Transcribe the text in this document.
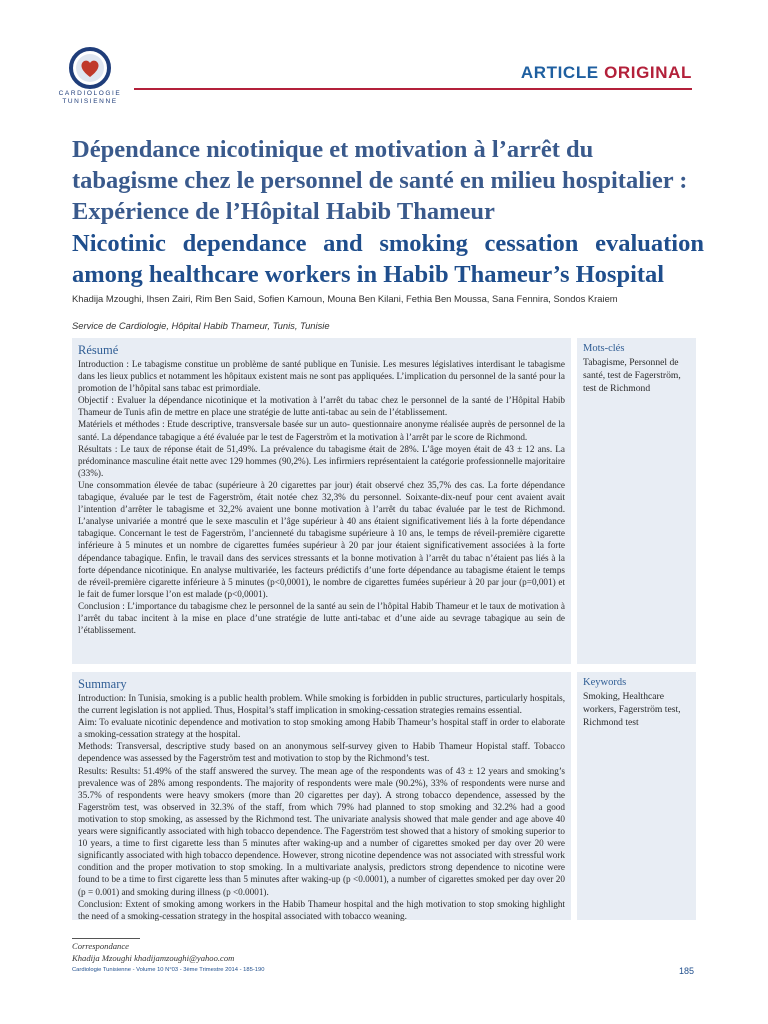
CARDIOLOGIE
TUNISIENNE
ARTICLE ORIGINAL
Dépendance nicotinique et motivation à l’arrêt du tabagisme chez le personnel de santé en milieu hospitalier : Expérience de l’Hôpital Habib Thameur
Nicotinic dependance and smoking cessation evaluation among healthcare workers in Habib Thameur’s Hospital
Khadija Mzoughi, Ihsen Zairi, Rim Ben Said, Sofien Kamoun, Mouna Ben Kilani, Fethia Ben Moussa, Sana Fennira, Sondos Kraiem
Service de Cardiologie, Hôpital Habib Thameur, Tunis, Tunisie
Résumé

Introduction : Le tabagisme constitue un problème de santé publique en Tunisie. Les mesures législatives interdisant le tabagisme dans les lieux publics et notamment les hôpitaux existent mais ne sont pas appliquées. L’implication du personnel de la santé pour la promotion de l’hôpital sans tabac est primordiale.

Objectif : Evaluer la dépendance nicotinique et la motivation à l’arrêt du tabac chez le personnel de la santé de l’Hôpital Habib Thameur de Tunis afin de mettre en place une stratégie de lutte anti-tabac au sein de l’établissement.

Matériels et méthodes : Etude descriptive, transversale basée sur un auto- questionnaire anonyme réalisée auprès de personnel de la santé. La dépendance tabagique a été évaluée par le test de Fagerström et la motivation à l’arrêt par le score de Richmond.

Résultats : Le taux de réponse était de 51,49%. La prévalence du tabagisme était de 28%. L’âge moyen était de 43 ± 12 ans. La prédominance masculine était nette avec 129 hommes (90,2%). Les infirmiers représentaient la catégorie professionnelle majoritaire (33%).

Une consommation élevée de tabac (supérieure à 20 cigarettes par jour) était observé chez 35,7% des cas. La forte dépendance tabagique, évaluée par le test de Fagerström, était notée chez 32,3% du personnel. Soixante-dix-neuf pour cent avaient avait l’intention d’arrêter le tabagisme et 32,2% avaient une bonne motivation à l’arrêt du tabac évaluée par le test de Richmond. L’analyse univariée a montré que le sexe masculin et l’âge supérieur à 40 ans étaient significativement liés à la forte dépendance tabagique. Concernant le test de Fagerström, l’ancienneté du tabagisme supérieure à 10 ans, le temps de réveil-première cigarette inférieure à 5 minutes et un nombre de cigarettes fumées supérieur à 20 par jour étaient significativement associées à la forte dépendance tabagique. Enfin, le travail dans des services stressants et la bonne motivation à l’arrêt du tabac n’étaient pas liés à la forte dépendance nicotinique. En analyse multivariée, les facteurs prédictifs d’une forte dépendance au tabagisme étaient le temps de réveil-première cigarette inférieure à 5 minutes (p<0,0001), le nombre de cigarettes fumées supérieur à 20 par jour (p=0,001) et le fait de fumer lorsque l’on est malade (p<0,0001).

Conclusion : L’importance du tabagisme chez le personnel de la santé au sein de l’hôpital Habib Thameur et le taux de motivation à l’arrêt du tabac incitent à la mise en place d’une stratégie de lutte anti-tabac et d’une aide au sevrage tabagique au sein de l’établissement.

Mots-clés
Tabagisme, Personnel de santé, test de Fagerström, test de Richmond
Summary

Introduction: In Tunisia, smoking is a public health problem. While smoking is forbidden in public structures, particularly hospitals, the current legislation is not applied. Thus, Hospital’s staff implication in smoking-cessation strategies remains essential.

Aim: To evaluate nicotinic dependence and motivation to stop smoking among Habib Thameur’s hospital staff in order to elaborate a smoking-cessation strategy at the hospital.

Methods: Transversal, descriptive study based on an anonymous self-survey given to Habib Thameur Hopistal staff. Tobacco dependence was assessed by the Fagerström test and motivation to stop by the Richmond’s test.

Results: Results: 51.49% of the staff answered the survey. The mean age of the respondents was of 43 ± 12 years and smoking’s prevalence was of 28% among respondents. The majority of respondents were male (90.2%), 33% of respondents were nurse and 35.7% of respondents were heavy smokers (more than 20 cigarettes per day). A strong tobacco dependence, assessed by the Fagerström test, was observed in 32.3% of the staff, from which 79% had planned to stop smoking and 32.2% had a good motivation to stop smoking, as assessed by the Richmond test. The univariate analysis showed that male gender and age above 40 years were significantly associated with high tobacco dependence. The Fagerström test showed that a history of smoking superior to 10 years, a time to first cigarette less than 5 minutes after waking-up and a number of cigarettes smoked per day over 20 were significantly associated with high tobacco dependence. However, strong nicotine dependence was not associated with stressful work condition and the proper motivation to stop smoking. In a multivariate analysis, predictors strong dependence to nicotine were found to be a time to first cigarette less than 5 minutes after waking-up (p <0.0001), a number of cigarettes smoked per day over 20 (p = 0.001) and smoking during illness (p <0.0001).

Conclusion: Extent of smoking among workers in the Habib Thameur hospital and the high motivation to stop smoking highlight the need of a smoking-cessation strategy in the hospital associated with tobacco weaning.

Keywords
Smoking, Healthcare workers, Fagerström test, Richmond test
Correspondance
Khadija Mzoughi khadijamzoughi@yahoo.com
Cardiologie Tunisienne - Volume 10 N°03 - 3ème Trimestre 2014 - 185-190	185
